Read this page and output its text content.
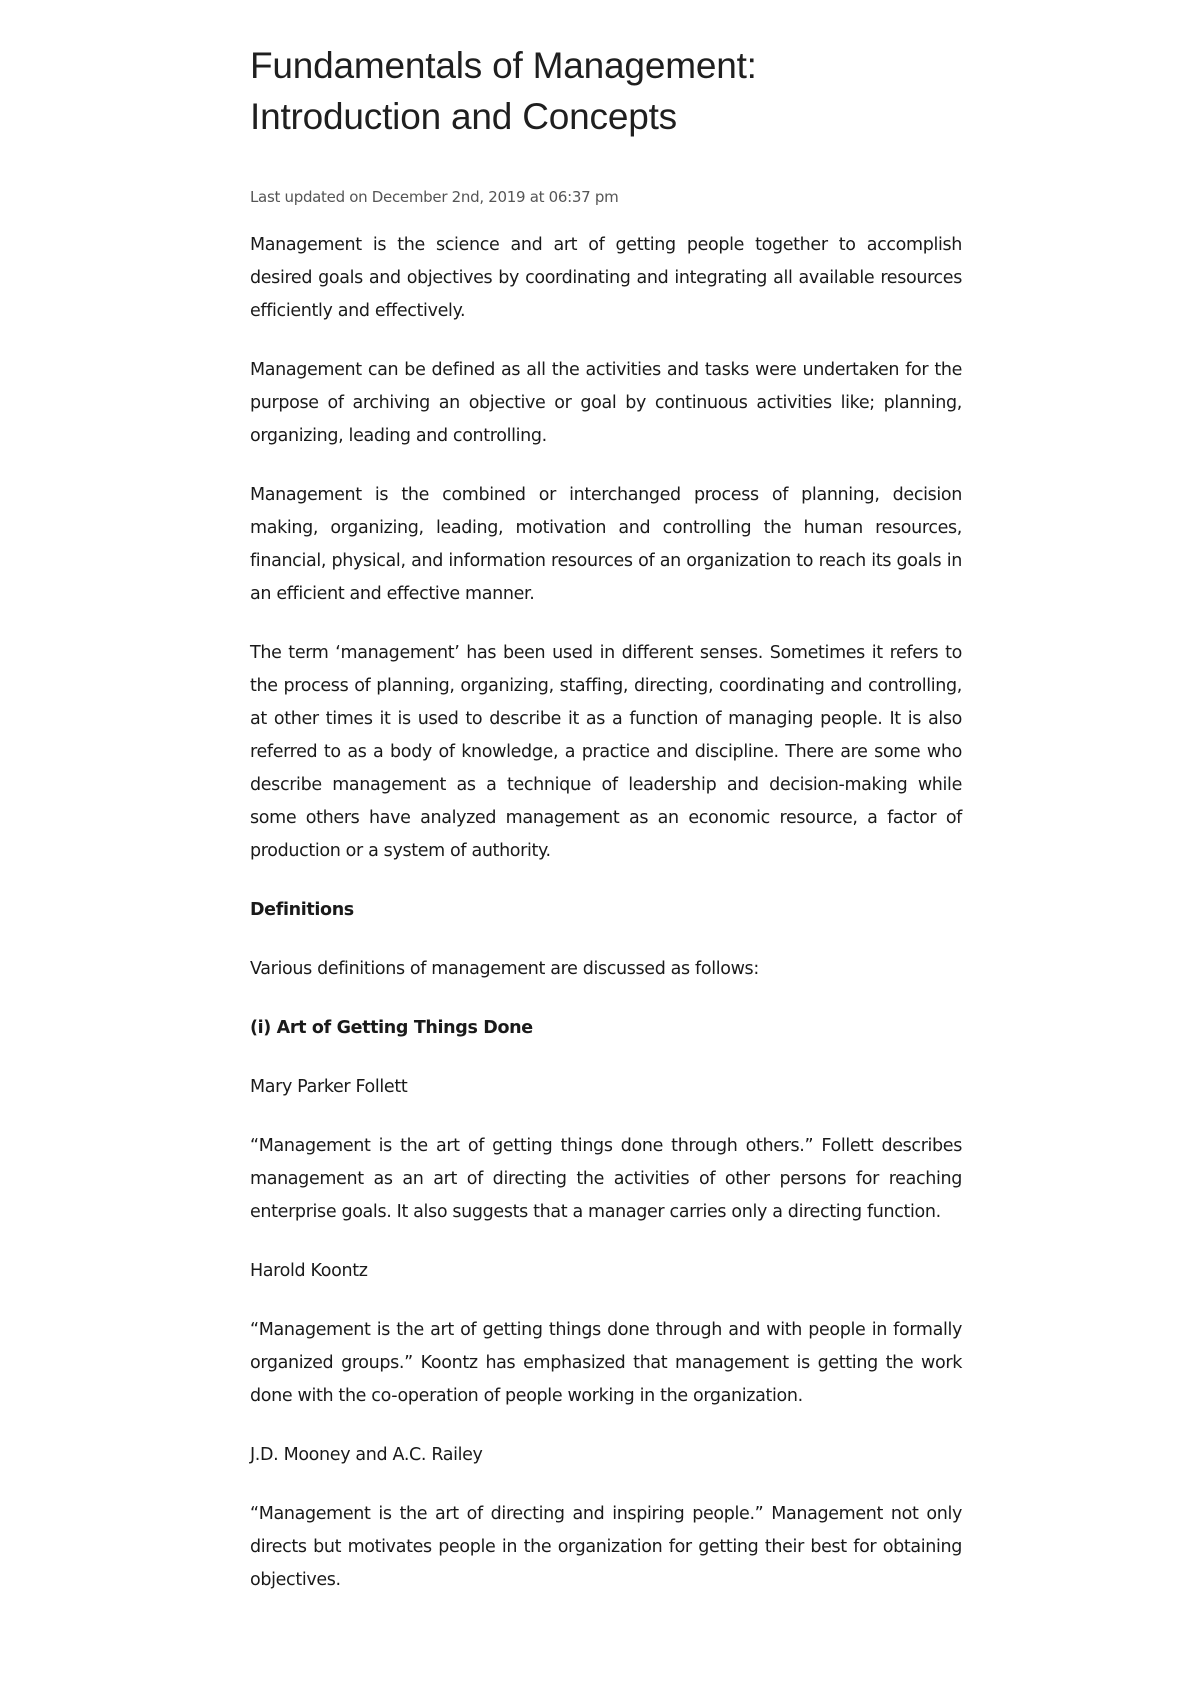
Fundamentals of Management:
Introduction and Concepts
Last updated on December 2nd, 2019 at 06:37 pm

Management is the science and art of getting people together to accomplish desired goals and objectives by coordinating and integrating all available resources efficiently and effectively.

Management can be defined as all the activities and tasks were undertaken for the purpose of archiving an objective or goal by continuous activities like; planning, organizing, leading and controlling.

Management is the combined or interchanged process of planning, decision making, organizing, leading, motivation and controlling the human resources, financial, physical, and information resources of an organization to reach its goals in an efficient and effective manner.

The term ‘management’ has been used in different senses. Sometimes it refers to the process of planning, organizing, staffing, directing, coordinating and controlling, at other times it is used to describe it as a function of managing people. It is also referred to as a body of knowledge, a practice and discipline. There are some who describe management as a technique of leadership and decision-making while some others have analyzed management as an economic resource, a factor of production or a system of authority.

Definitions

Various definitions of management are discussed as follows:

(i) Art of Getting Things Done

Mary Parker Follett

“Management is the art of getting things done through others.” Follett describes management as an art of directing the activities of other persons for reaching enterprise goals. It also suggests that a manager carries only a directing function.

Harold Koontz

“Management is the art of getting things done through and with people in formally organized groups.” Koontz has emphasized that management is getting the work done with the co-operation of people working in the organization.

J.D. Mooney and A.C. Railey

“Management is the art of directing and inspiring people.” Management not only directs but motivates people in the organization for getting their best for obtaining objectives.
